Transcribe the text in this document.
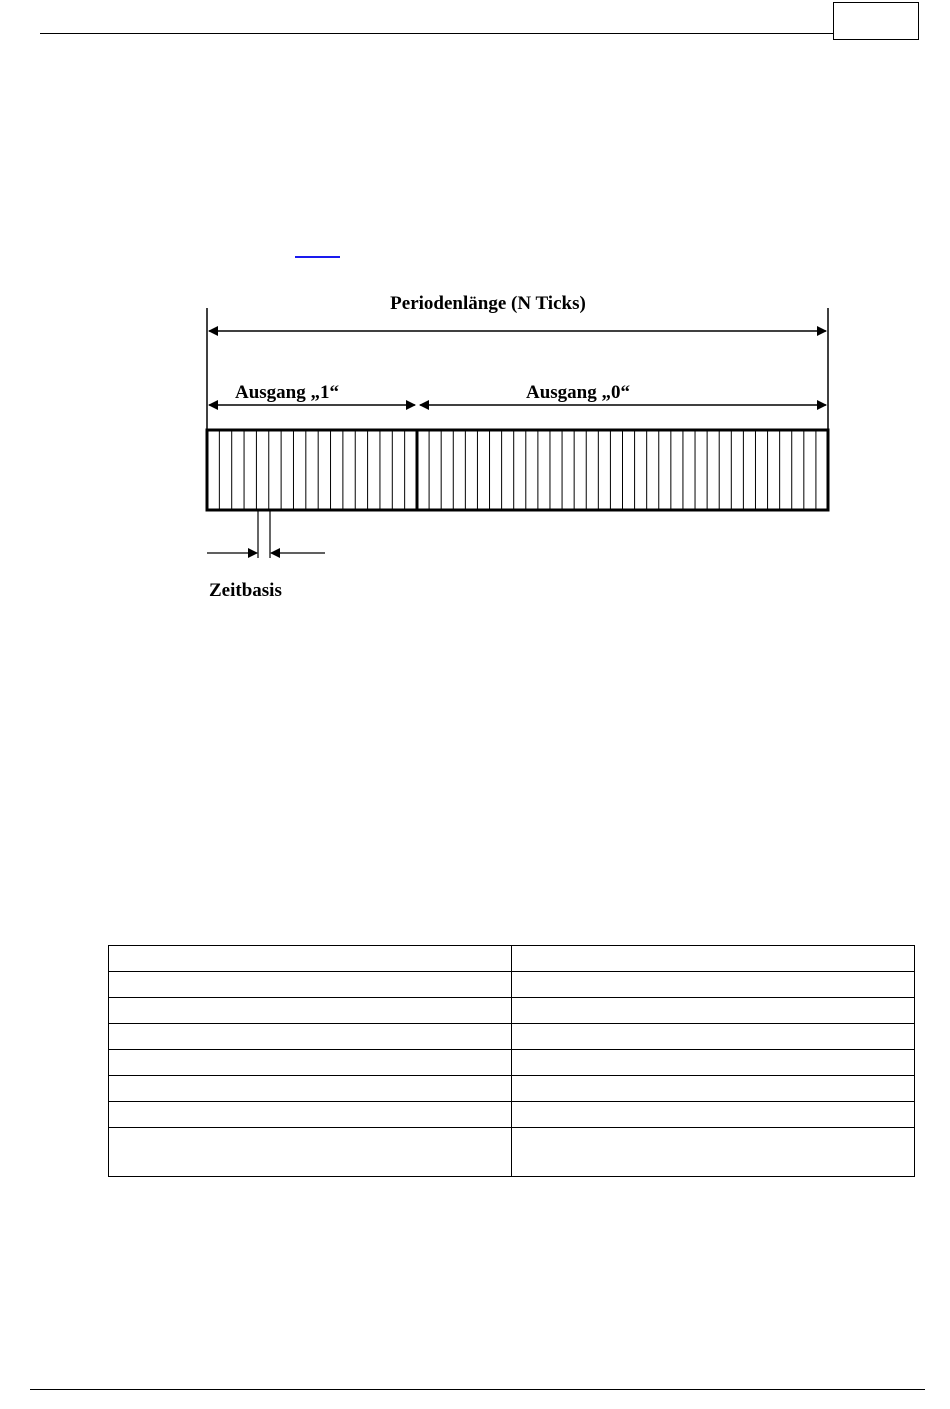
Periodenlänge (N Ticks)
Ausgang „1“	Ausgang „0“
Zeitbasis
